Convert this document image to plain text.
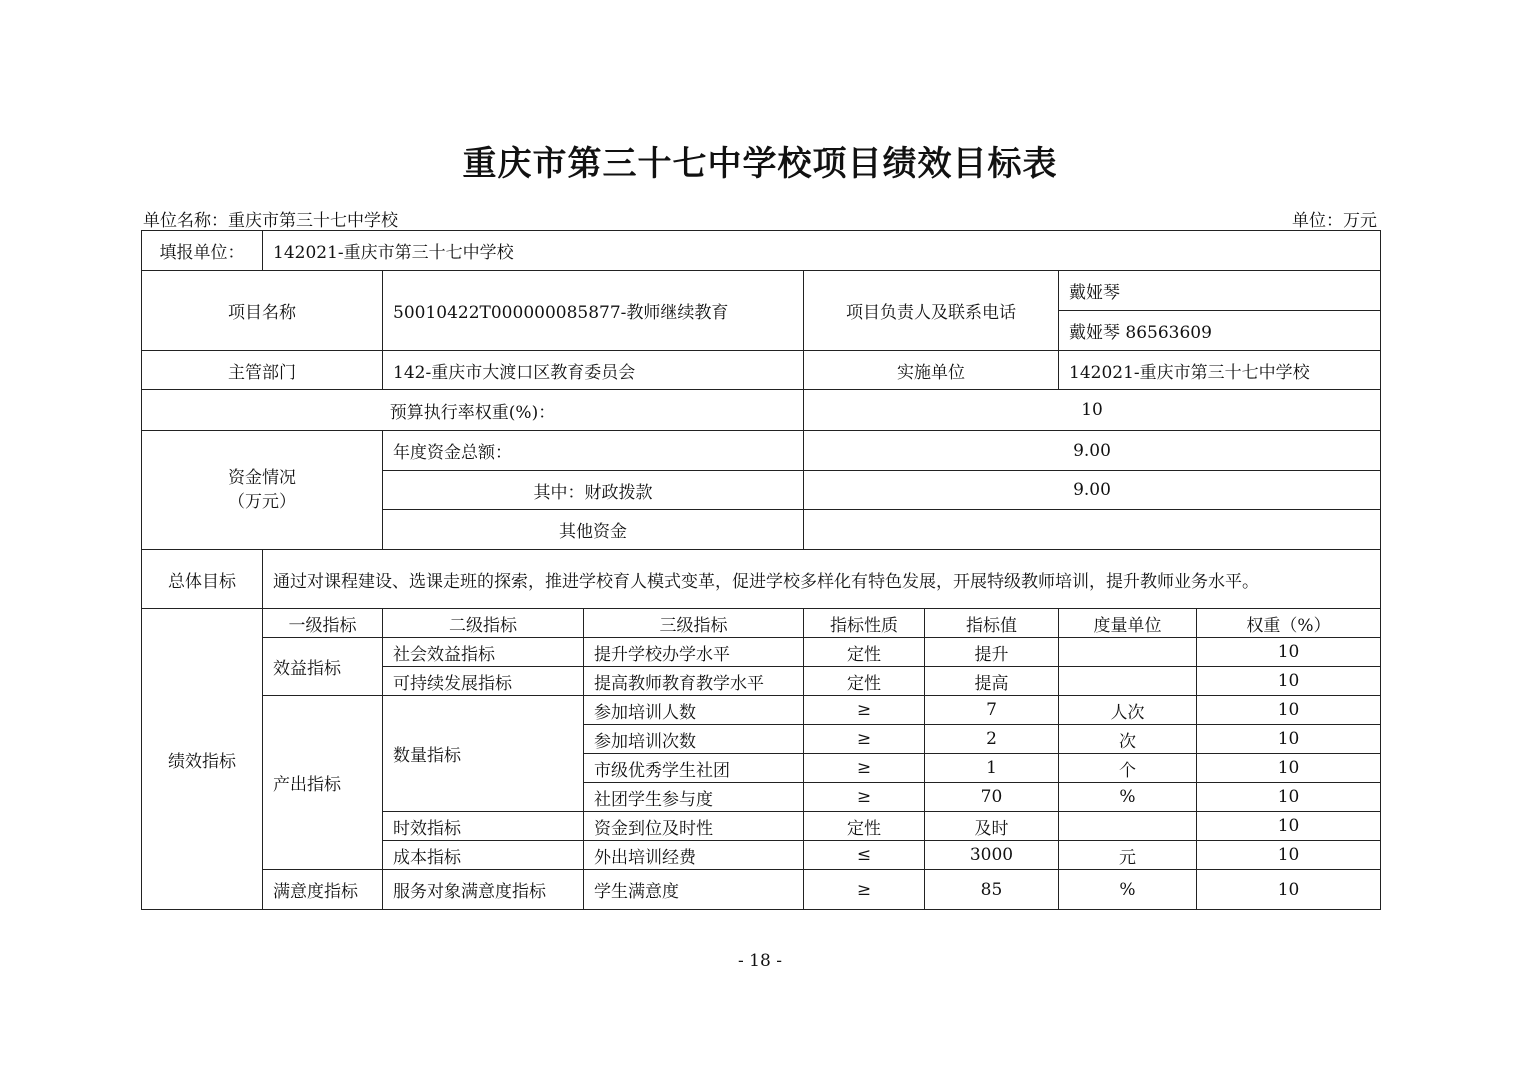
重庆市第三十七中学校项目绩效目标表
单位名称：重庆市第三十七中学校	单位：万元
填报单位：	142021-重庆市第三十七中学校						
项目名称		50010422T000000085877-教师继续教育		项目负责人及联系电话		戴娅琴	
						戴娅琴 86563609	
主管部门		142-重庆市大渡口区教育委员会		实施单位		142021-重庆市第三十七中学校	
预算执行率权重(%)：				10			

资金情况
（万元）		年度资金总额：		9.00			
		其中：财政拨款		9.00			
		其他资金					
总体目标	通过对课程建设、选课走班的探索，推进学校育人模式变革，促进学校多样化有特色发展，开展特级教师培训，提升教师业务水平。						
绩效指标	一级指标	二级指标	三级指标	指标性质	指标值	度量单位	权重（%）
	效益指标	社会效益指标	提升学校办学水平	定性	提升		10
		可持续发展指标	提高教师教育教学水平	定性	提高		10
	产出指标	数量指标	参加培训人数	≥	7	人次	10
			参加培训次数	≥	2	次	10
			市级优秀学生社团	≥	1	个	10
			社团学生参与度	≥	70	%	10
		时效指标	资金到位及时性	定性	及时		10
		成本指标	外出培训经费	≤	3000	元	10
	满意度指标	服务对象满意度指标	学生满意度	≥	85	%	10
- 18 -
